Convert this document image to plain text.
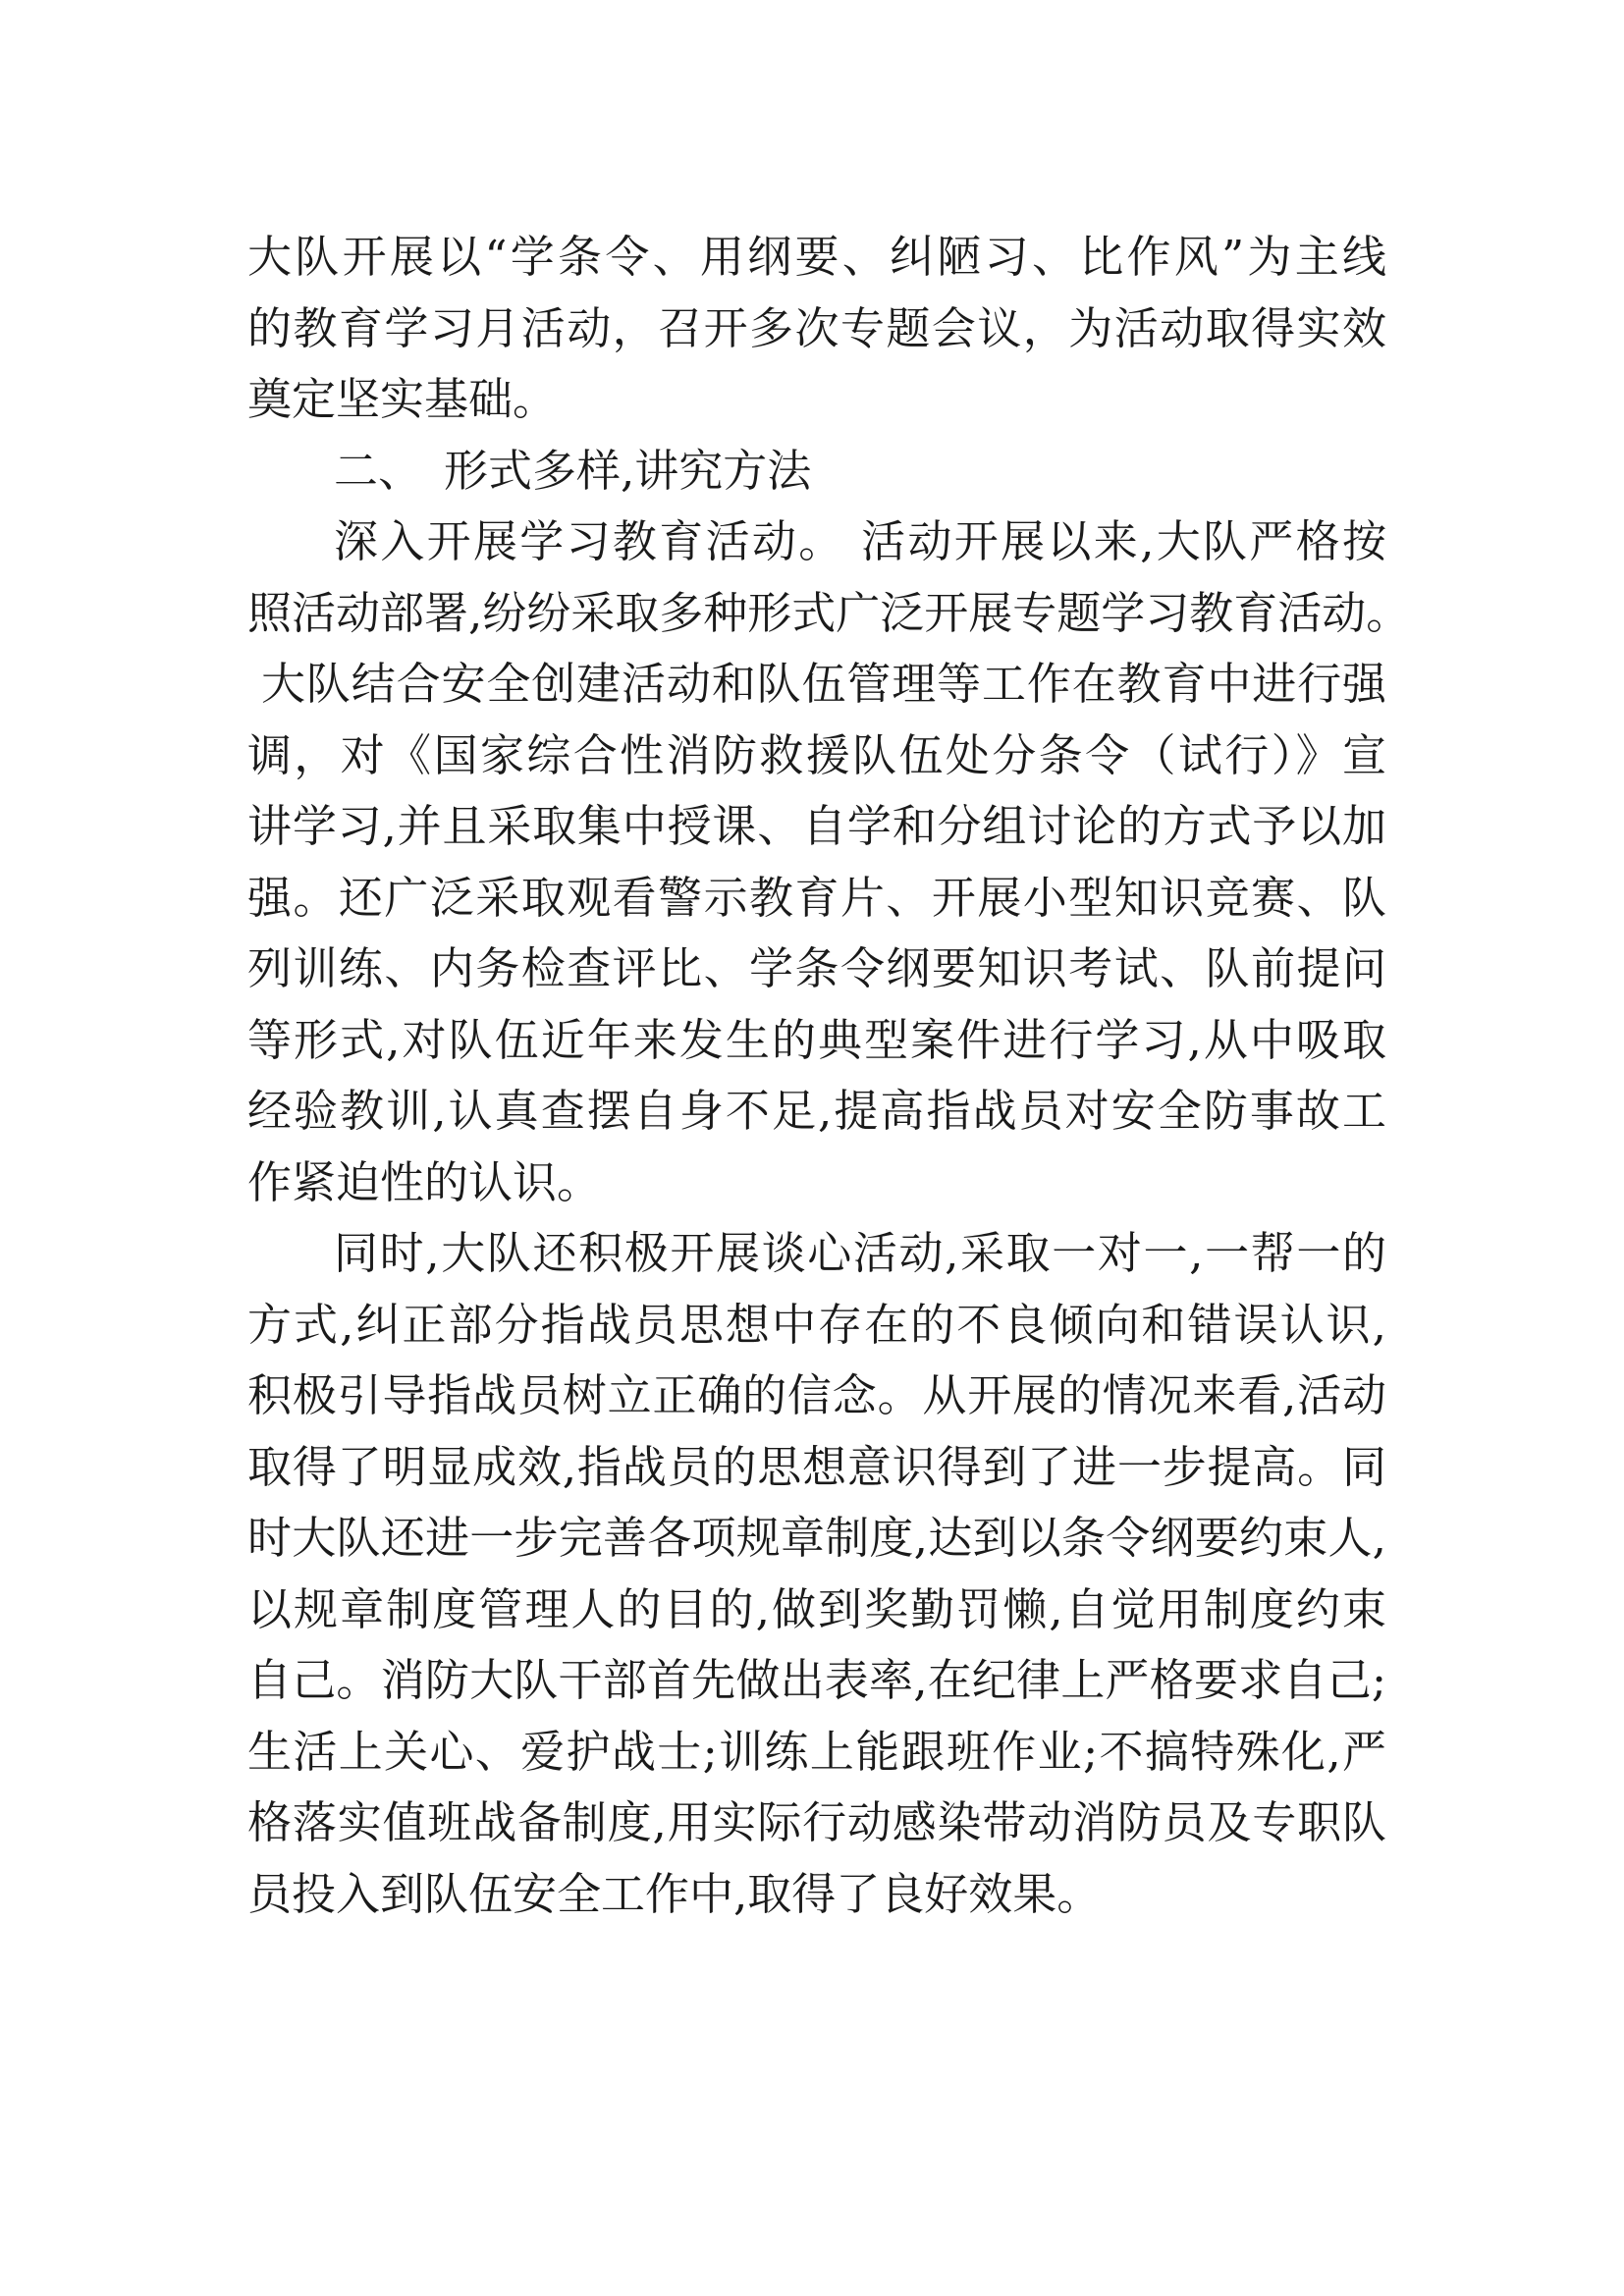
大队开展以“学条令、用纲要、纠陋习、比作风”为主线
的教育学习月活动，召开多次专题会议，为活动取得实效
奠定坚实基础。
二、 形式多样,讲究方法
深入开展学习教育活动。 活动开展以来,大队严格按
照活动部署,纷纷采取多种形式广泛开展专题学习教育活动。
大队结合安全创建活动和队伍管理等工作在教育中进行强
调，对《国家综合性消防救援队伍处分条令（试行）》宣
讲学习,并且采取集中授课、自学和分组讨论的方式予以加
强。还广泛采取观看警示教育片、开展小型知识竞赛、队
列训练、内务检查评比、学条令纲要知识考试、队前提问
等形式,对队伍近年来发生的典型案件进行学习,从中吸取
经验教训,认真查摆自身不足,提高指战员对安全防事故工
作紧迫性的认识。
同时,大队还积极开展谈心活动,采取一对一,一帮一的
方式,纠正部分指战员思想中存在的不良倾向和错误认识,
积极引导指战员树立正确的信念。从开展的情况来看,活动
取得了明显成效,指战员的思想意识得到了进一步提高。同
时大队还进一步完善各项规章制度,达到以条令纲要约束人,
以规章制度管理人的目的,做到奖勤罚懒,自觉用制度约束
自己。消防大队干部首先做出表率,在纪律上严格要求自己;
生活上关心、爱护战士;训练上能跟班作业;不搞特殊化,严
格落实值班战备制度,用实际行动感染带动消防员及专职队
员投入到队伍安全工作中,取得了良好效果。
